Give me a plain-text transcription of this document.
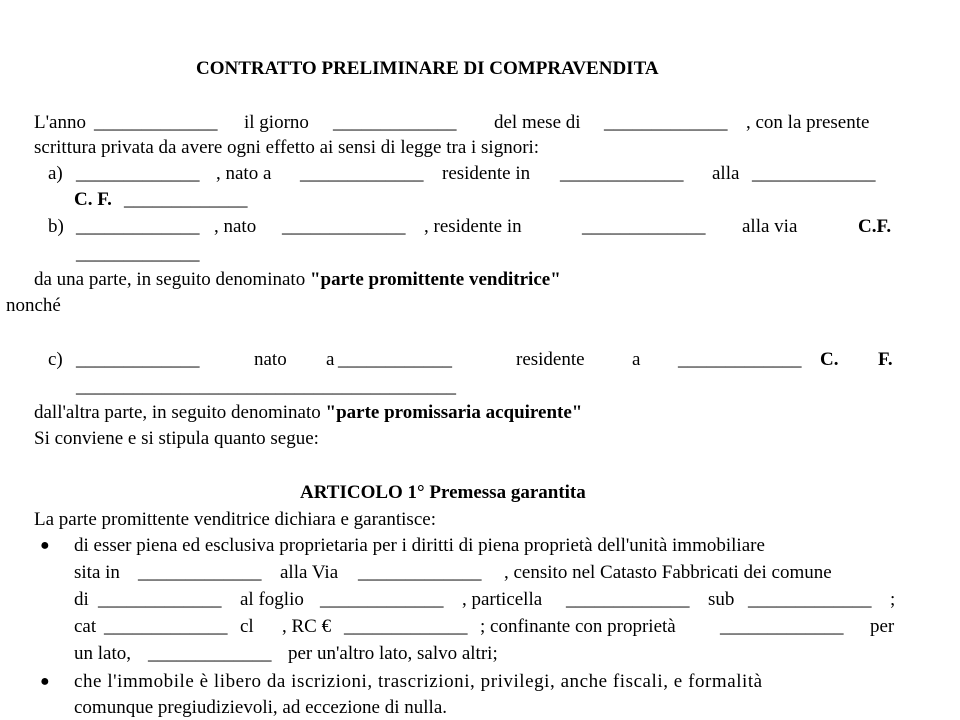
CONTRATTO PRELIMINARE DI COMPRAVENDITA
L'anno _____________ il giorno _____________ del mese di _____________ , con la presente
scrittura privata da avere ogni effetto ai sensi di legge tra i signori:
a) _____________ , nato a _____________ residente in _____________ alla _____________
C. F. _____________
b) _____________ , nato _____________ , residente in	_____________ alla via	C.F.
_____________
da una parte, in seguito denominato "parte promittente venditrice"
nonché
c) _____________	nato a ____________	residente a _____________ C. F.
________________________________________
dall'altra parte, in seguito denominato "parte promissaria acquirente"
Si conviene e si stipula quanto segue:
ARTICOLO 1° Premessa garantita
La parte promittente venditrice dichiara e garantisce:
● di esser piena ed esclusiva proprietaria per i diritti di piena proprietà dell'unità immobiliare
sita in _____________ alla Via _____________ , censito nel Catasto Fabbricati dei comune
di _____________ al foglio _____________ , particella _____________ sub _____________ ;
cat _____________ cl , RC € _____________ ; confinante con proprietà _____________ per
un lato, _____________ per un'altro lato, salvo altri;
● che l'immobile è libero da iscrizioni, trascrizioni, privilegi, anche fiscali, e formalità
comunque pregiudizievoli, ad eccezione di nulla.
